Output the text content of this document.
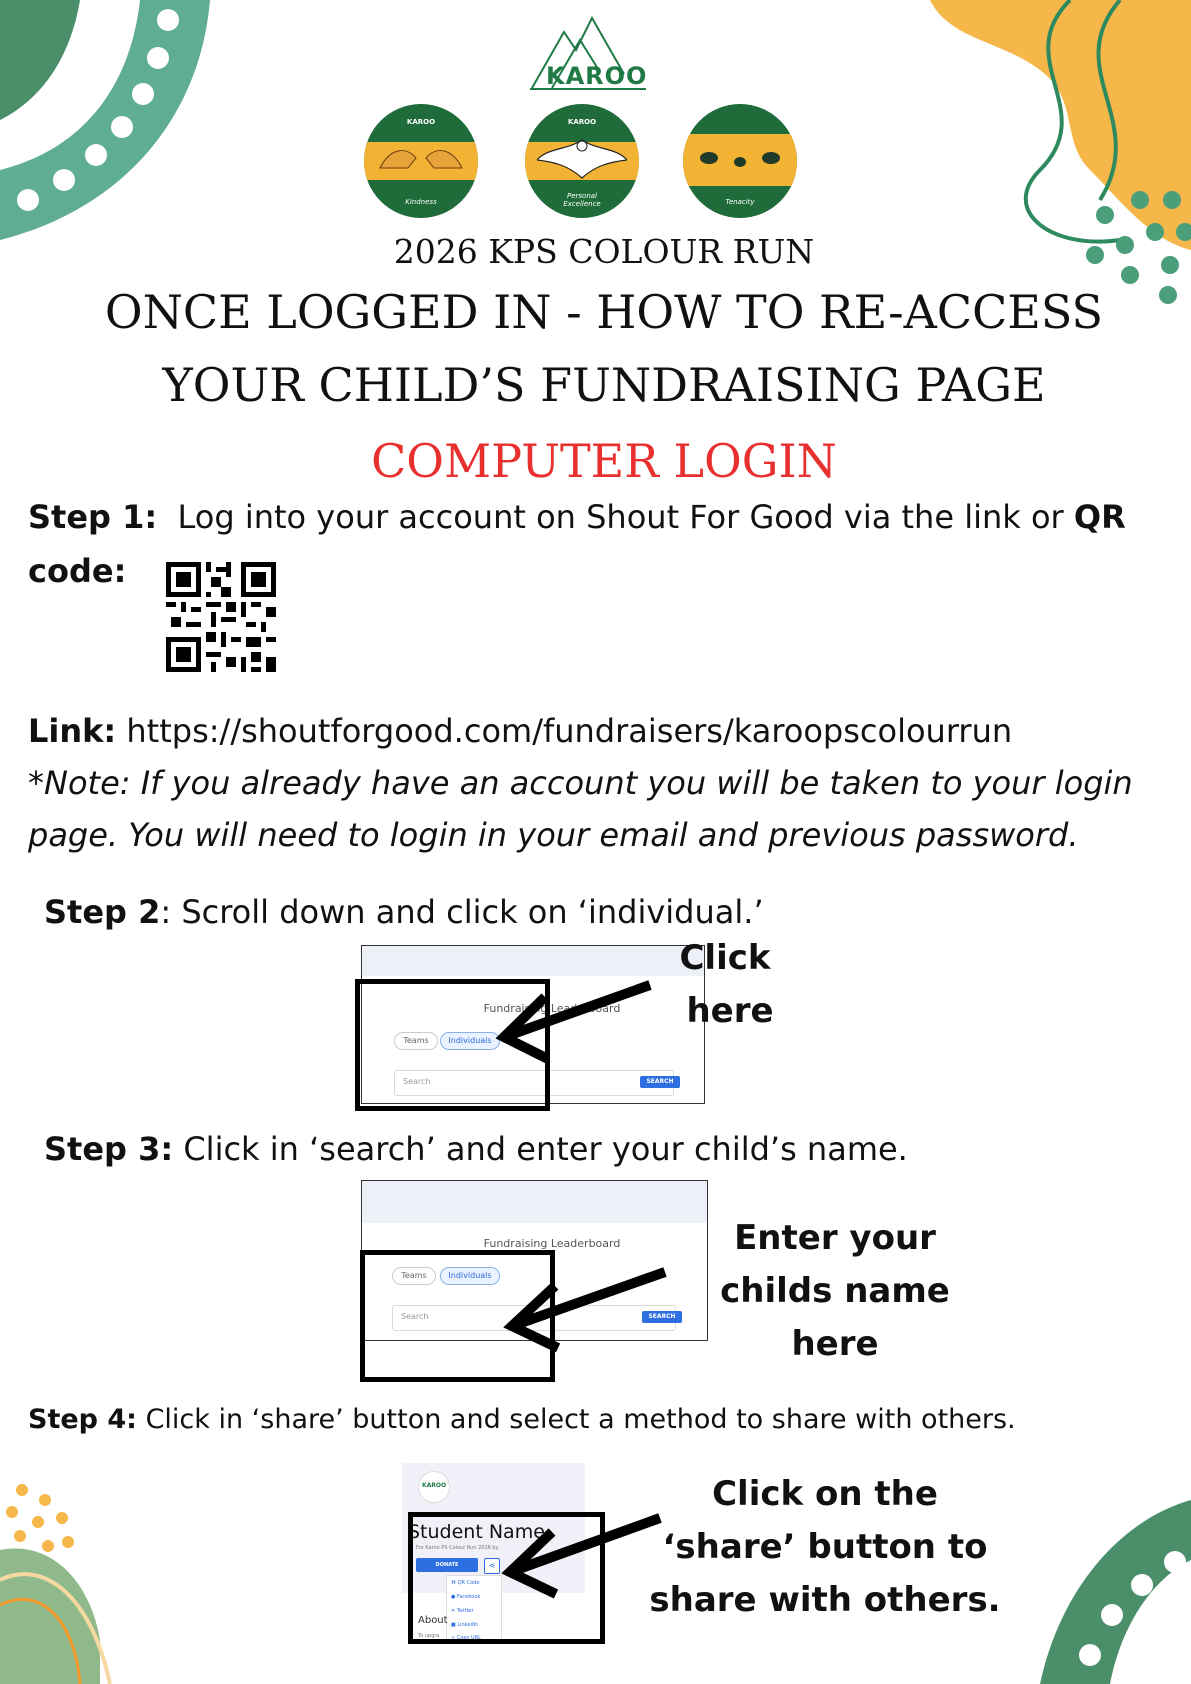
KAROO
KAROO
Kindness
KAROO
Personal Excellence
KAROO
Tenacity
2026 KPS COLOUR RUN
ONCE LOGGED IN - HOW TO RE-ACCESS
YOUR CHILD’S FUNDRAISING PAGE
COMPUTER LOGIN
Step 1: Log into your account on Shout For Good via the link or QR
code:
Link: https://shoutforgood.com/fundraisers/karoopscolourrun
*Note: If you already have an account you will be taken to your login
page. You will need to login in your email and previous password.
Step 2: Scroll down and click on ‘individual.’
Fundraising Leaderboard
Teams	Individuals
Search	SEARCH
Click
here
Step 3: Click in ‘search’ and enter your child’s name.
Fundraising Leaderboard
Teams	Individuals
Search	SEARCH
Enter your
childs name
here
Step 4: Click in ‘share’ button and select a method to share with others.
KAROO
Student Name
For Karoo PS Colour Run 2026 by
DONATE	⋖
⌘ QR Code
● Facebook
✕ Twitter
■ LinkedIn
∞ Copy URL
About
To upgra
Click on the
‘share’ button to
share with others.
